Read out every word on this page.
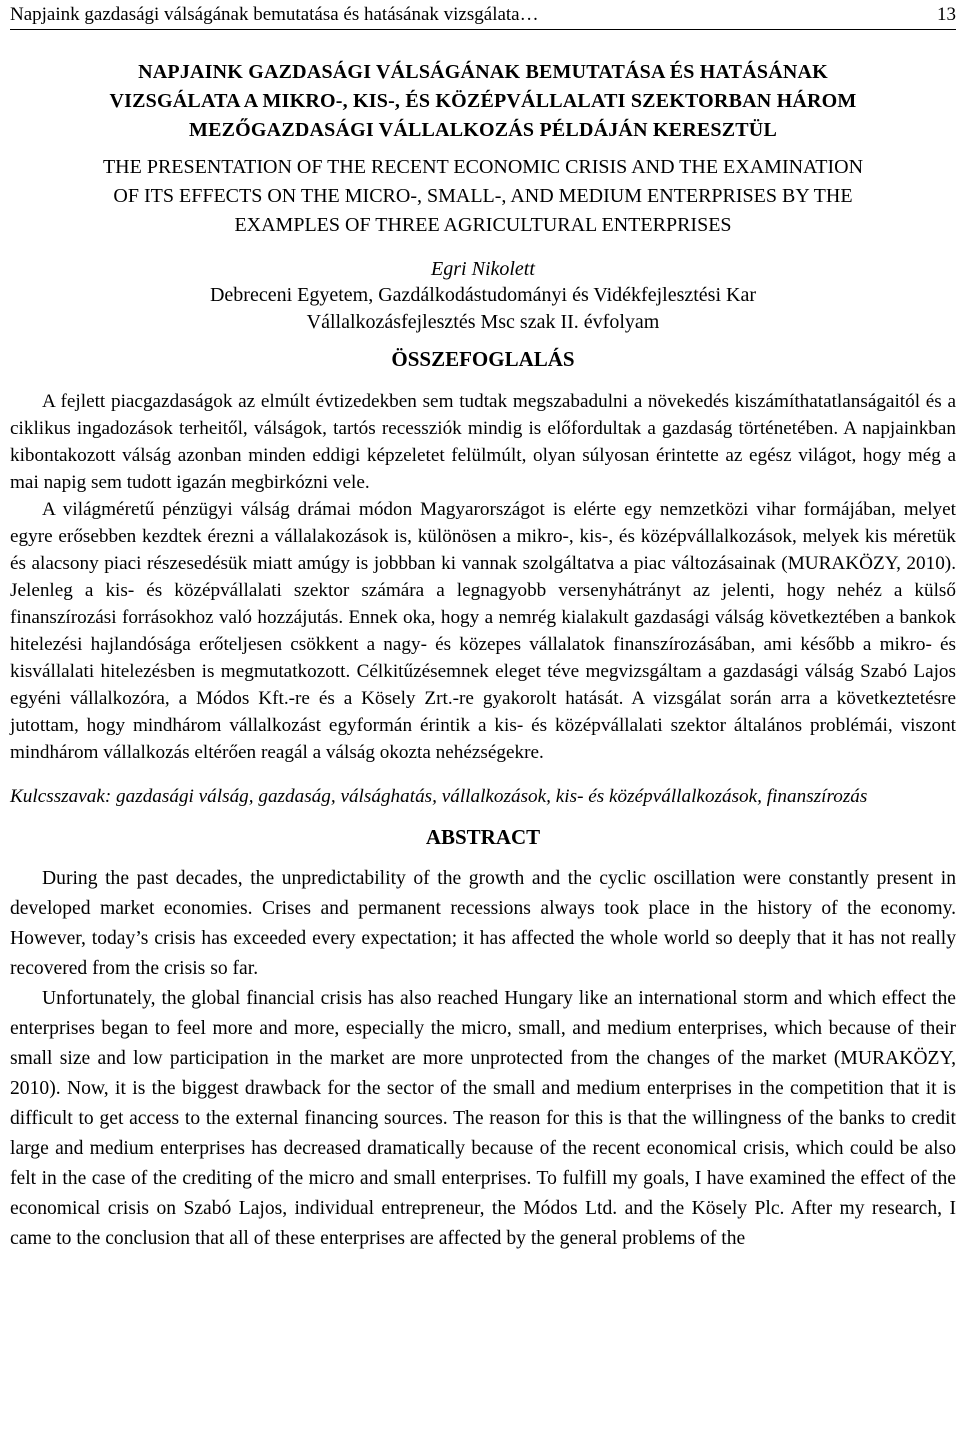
Napjaink gazdasági válságának bemutatása és hatásának vizsgálata…	13
NAPJAINK GAZDASÁGI VÁLSÁGÁNAK BEMUTATÁSA ÉS HATÁSÁNAK
VIZSGÁLATA A MIKRO-, KIS-, ÉS KÖZÉPVÁLLALATI SZEKTORBAN HÁROM
MEZŐGAZDASÁGI VÁLLALKOZÁS PÉLDÁJÁN KERESZTÜL
THE PRESENTATION OF THE RECENT ECONOMIC CRISIS AND THE EXAMINATION
OF ITS EFFECTS ON THE MICRO-, SMALL-, AND MEDIUM ENTERPRISES BY THE
EXAMPLES OF THREE AGRICULTURAL ENTERPRISES
Egri Nikolett
Debreceni Egyetem, Gazdálkodástudományi és Vidékfejlesztési Kar
Vállalkozásfejlesztés Msc szak II. évfolyam
ÖSSZEFOGLALÁS

A fejlett piacgazdaságok az elmúlt évtizedekben sem tudtak megszabadulni a növekedés kiszámíthatatlanságaitól és a ciklikus ingadozások terheitől, válságok, tartós recessziók mindig is előfordultak a gazdaság történetében. A napjainkban kibontakozott válság azonban minden eddigi képzeletet felülmúlt, olyan súlyosan érintette az egész világot, hogy még a mai napig sem tudott igazán megbirkózni vele.

A világméretű pénzügyi válság drámai módon Magyarországot is elérte egy nemzetközi vihar formájában, melyet egyre erősebben kezdtek érezni a vállalakozások is, különösen a mikro-, kis-, és középvállalkozások, melyek kis méretük és alacsony piaci részesedésük miatt amúgy is jobbban ki vannak szolgáltatva a piac változásainak (MURAKÖZY, 2010). Jelenleg a kis- és középvállalati szektor számára a legnagyobb versenyhátrányt az jelenti, hogy nehéz a külső finanszírozási forrásokhoz való hozzájutás. Ennek oka, hogy a nemrég kialakult gazdasági válság következtében a bankok hitelezési hajlandósága erőteljesen csökkent a nagy- és közepes vállalatok finanszírozásában, ami később a mikro- és kisvállalati hitelezésben is megmutatkozott. Célkitűzésemnek eleget téve megvizsgáltam a gazdasági válság Szabó Lajos egyéni vállalkozóra, a Módos Kft.-re és a Kösely Zrt.-re gyakorolt hatását. A vizsgálat során arra a következtetésre jutottam, hogy mindhárom vállalkozást egyformán érintik a kis- és középvállalati szektor általános problémái, viszont mindhárom vállalkozás eltérően reagál a válság okozta nehézségekre.

Kulcsszavak: gazdasági válság, gazdaság, válsághatás, vállalkozások, kis- és középvállalkozások, finanszírozás
ABSTRACT

During the past decades, the unpredictability of the growth and the cyclic oscillation were constantly present in developed market economies. Crises and permanent recessions always took place in the history of the economy. However, today’s crisis has exceeded every expectation; it has affected the whole world so deeply that it has not really recovered from the crisis so far.

Unfortunately, the global financial crisis has also reached Hungary like an international storm and which effect the enterprises began to feel more and more, especially the micro, small, and medium enterprises, which because of their small size and low participation in the market are more unprotected from the changes of the market (MURAKÖZY, 2010). Now, it is the biggest drawback for the sector of the small and medium enterprises in the competition that it is difficult to get access to the external financing sources. The reason for this is that the willingness of the banks to credit large and medium enterprises has decreased dramatically because of the recent economical crisis, which could be also felt in the case of the crediting of the micro and small enterprises. To fulfill my goals, I have examined the effect of the economical crisis on Szabó Lajos, individual entrepreneur, the Módos Ltd. and the Kösely Plc. After my research, I came to the conclusion that all of these enterprises are affected by the general problems of the
